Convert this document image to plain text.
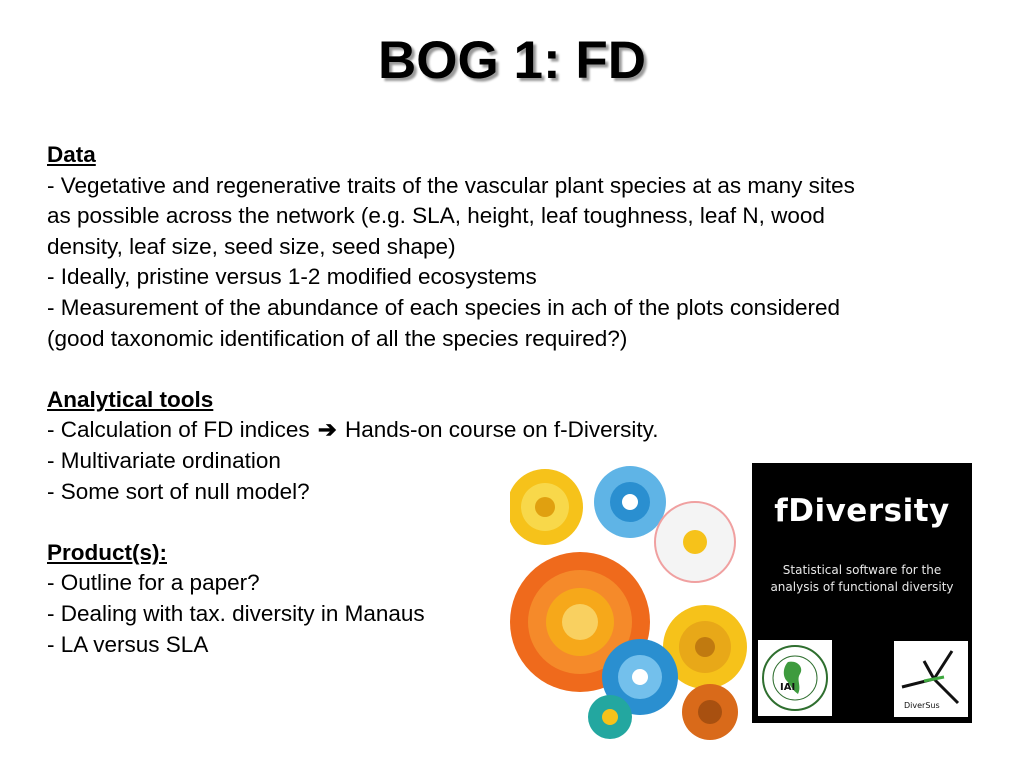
BOG 1: FD
Data
- Vegetative and regenerative traits of the vascular plant species at as many sites
as possible across the network (e.g. SLA, height, leaf toughness, leaf N, wood
density, leaf size, seed size, seed shape)
- Ideally, pristine versus 1-2 modified ecosystems
- Measurement of the abundance of each species in ach of the plots considered
(good taxonomic identification of all the species required?)
Analytical tools
- Calculation of FD indices ➔ Hands-on course on f-Diversity.
- Multivariate ordination
- Some sort of null model?
Product(s):
- Outline for a paper?
- Dealing with tax. diversity in Manaus
- LA versus SLA
fDiversity
Statistical software for the analysis of functional diversity
IAI
DiverSus
